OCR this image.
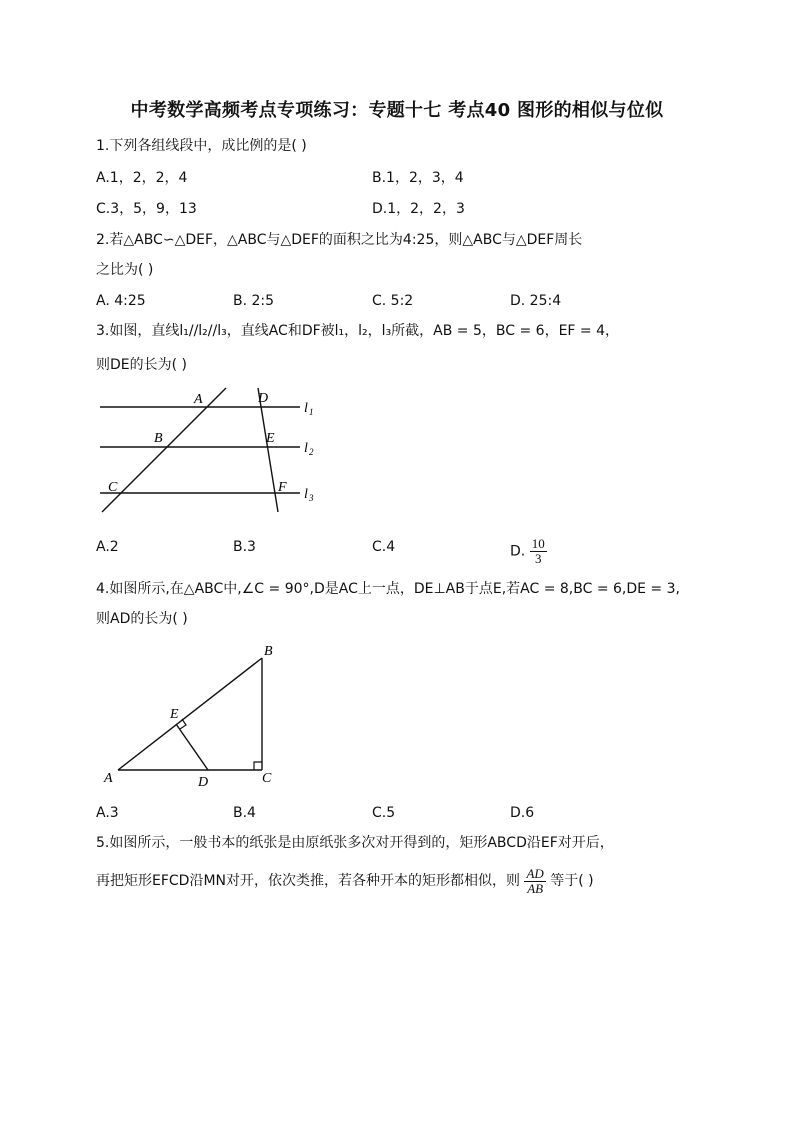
中考数学高频考点专项练习：专题十七 考点40 图形的相似与位似
1.下列各组线段中，成比例的是( )
A.1，2，2，4	B.1，2，3，4
C.3，5，9，13	D.1，2，2，3
2.若△ABC∽△DEF，△ABC与△DEF的面积之比为4:25，则△ABC与△DEF周长
之比为( )
A. 4:25	B. 2:5	C. 5:2	D. 25:4
3.如图，直线l₁//l₂//l₃，直线AC和DF被l₁，l₂，l₃所截，AB = 5，BC = 6，EF = 4，
则DE的长为( )
A	D
B	E
C	F
l 1
l 2
l 3
A.2	B.3	C.4	D. $\frac{10}{3}$
4.如图所示,在△ABC中,∠C = 90°,D是AC上一点，DE⊥AB于点E,若AC = 8,BC = 6,DE = 3,
则AD的长为( )
B
E
A	D	C
A.3	B.4	C.5	D.6
5.如图所示，一般书本的纸张是由原纸张多次对开得到的，矩形ABCD沿EF对开后，
再把矩形EFCD沿MN对开，依次类推，若各种开本的矩形都相似，则 $\frac{AD}{AB}$ 等于( )
